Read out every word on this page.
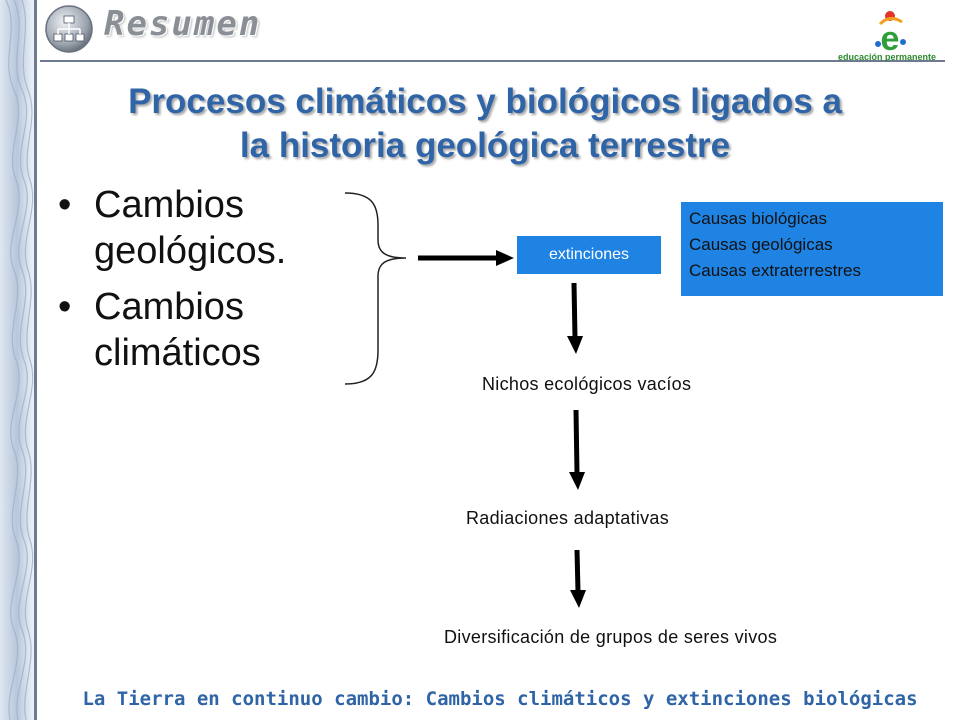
Resumen	e
educación permanente
Procesos climáticos y biológicos ligados a
la historia geológica terrestre
• Cambios
geológicos.
• Cambios
climáticos
extinciones
Causas biológicas
Causas geológicas
Causas extraterrestres
Nichos ecológicos vacíos
Radiaciones adaptativas
Diversificación de grupos de seres vivos
La Tierra en continuo cambio: Cambios climáticos y extinciones biológicas
